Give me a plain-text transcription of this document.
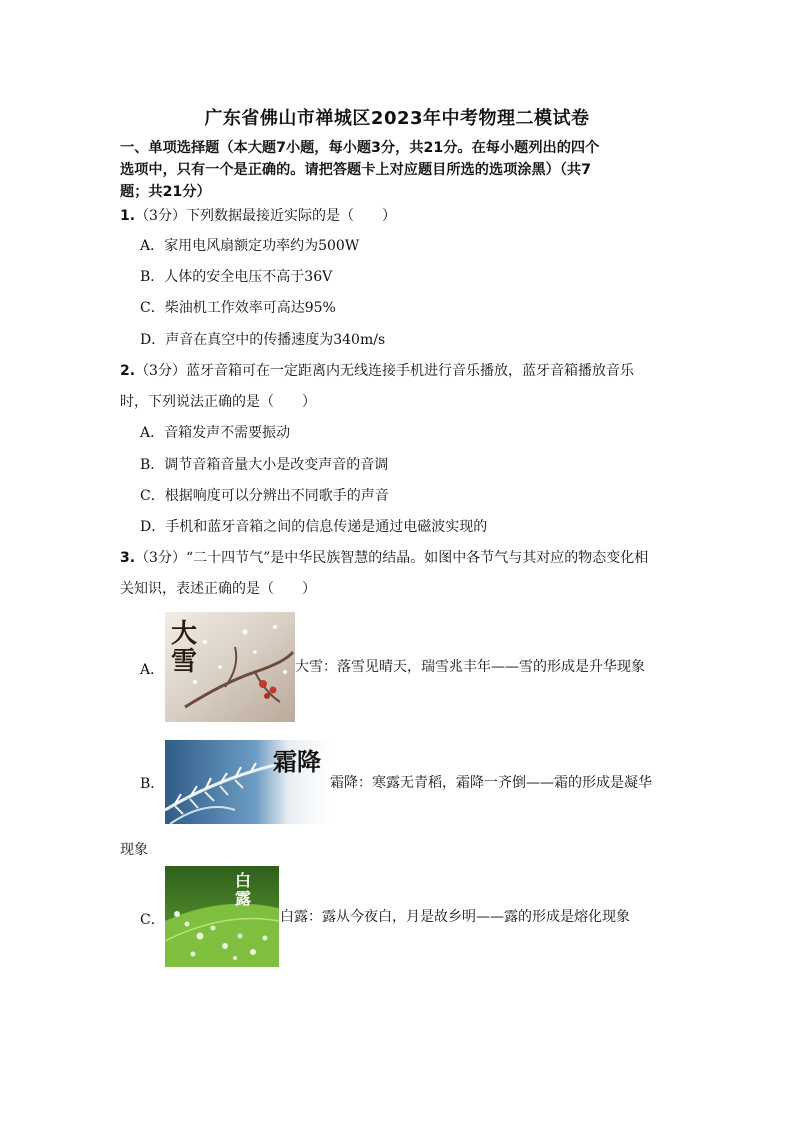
广东省佛山市禅城区2023年中考物理二模试卷
一、单项选择题（本大题7小题，每小题3分，共21分。在每小题列出的四个
选项中，只有一个是正确的。请把答题卡上对应题目所选的选项涂黑）（共7
题；共21分）
1.（3分）下列数据最接近实际的是（　　）
A．家用电风扇额定功率约为500W
B．人体的安全电压不高于36V
C．柴油机工作效率可高达95%
D．声音在真空中的传播速度为340m/s
2.（3分）蓝牙音箱可在一定距离内无线连接手机进行音乐播放，蓝牙音箱播放音乐
时，下列说法正确的是（　　）
A．音箱发声不需要振动
B．调节音箱音量大小是改变声音的音调
C．根据响度可以分辨出不同歌手的声音
D．手机和蓝牙音箱之间的信息传递是通过电磁波实现的
3.（3分）“二十四节气”是中华民族智慧的结晶。如图中各节气与其对应的物态变化相
关知识，表述正确的是（　　）
A．
大雪	大雪：落雪见晴天，瑞雪兆丰年——雪的形成是升华现象
B．
霜降
霜降：寒露无青稻，霜降一齐倒——霜的形成是凝华
现象
C．
白露
白露：露从今夜白，月是故乡明——露的形成是熔化现象
